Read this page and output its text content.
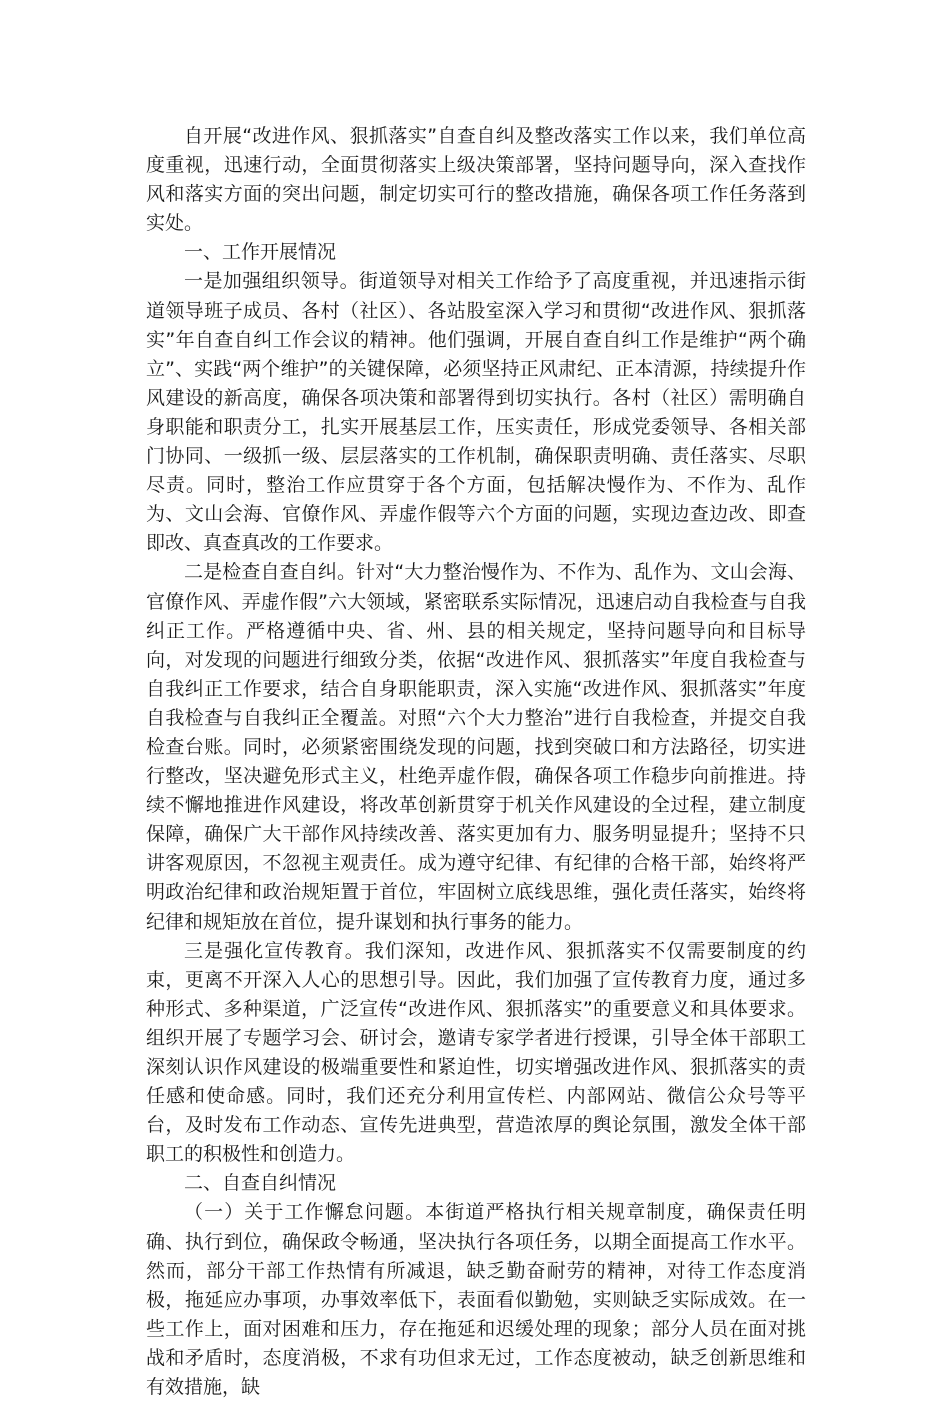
自开展“改进作风、狠抓落实”自查自纠及整改落实工作以来，我们单位高度重视，迅速行动，全面贯彻落实上级决策部署，坚持问题导向，深入查找作风和落实方面的突出问题，制定切实可行的整改措施，确保各项工作任务落到实处。

一、工作开展情况

一是加强组织领导。街道领导对相关工作给予了高度重视，并迅速指示街道领导班子成员、各村（社区）、各站股室深入学习和贯彻“改进作风、狠抓落实”年自查自纠工作会议的精神。他们强调，开展自查自纠工作是维护“两个确立”、实践“两个维护”的关键保障，必须坚持正风肃纪、正本清源，持续提升作风建设的新高度，确保各项决策和部署得到切实执行。各村（社区）需明确自身职能和职责分工，扎实开展基层工作，压实责任，形成党委领导、各相关部门协同、一级抓一级、层层落实的工作机制，确保职责明确、责任落实、尽职尽责。同时，整治工作应贯穿于各个方面，包括解决慢作为、不作为、乱作为、文山会海、官僚作风、弄虚作假等六个方面的问题，实现边查边改、即查即改、真查真改的工作要求。

二是检查自查自纠。针对“大力整治慢作为、不作为、乱作为、文山会海、官僚作风、弄虚作假”六大领域，紧密联系实际情况，迅速启动自我检查与自我纠正工作。严格遵循中央、省、州、县的相关规定，坚持问题导向和目标导向，对发现的问题进行细致分类，依据“改进作风、狠抓落实”年度自我检查与自我纠正工作要求，结合自身职能职责，深入实施“改进作风、狠抓落实”年度自我检查与自我纠正全覆盖。对照“六个大力整治”进行自我检查，并提交自我检查台账。同时，必须紧密围绕发现的问题，找到突破口和方法路径，切实进行整改，坚决避免形式主义，杜绝弄虚作假，确保各项工作稳步向前推进。持续不懈地推进作风建设，将改革创新贯穿于机关作风建设的全过程，建立制度保障，确保广大干部作风持续改善、落实更加有力、服务明显提升；坚持不只讲客观原因，不忽视主观责任。成为遵守纪律、有纪律的合格干部，始终将严明政治纪律和政治规矩置于首位，牢固树立底线思维，强化责任落实，始终将纪律和规矩放在首位，提升谋划和执行事务的能力。

三是强化宣传教育。我们深知，改进作风、狠抓落实不仅需要制度的约束，更离不开深入人心的思想引导。因此，我们加强了宣传教育力度，通过多种形式、多种渠道，广泛宣传“改进作风、狠抓落实”的重要意义和具体要求。组织开展了专题学习会、研讨会，邀请专家学者进行授课，引导全体干部职工深刻认识作风建设的极端重要性和紧迫性，切实增强改进作风、狠抓落实的责任感和使命感。同时，我们还充分利用宣传栏、内部网站、微信公众号等平台，及时发布工作动态、宣传先进典型，营造浓厚的舆论氛围，激发全体干部职工的积极性和创造力。

二、自查自纠情况

（一）关于工作懈怠问题。本街道严格执行相关规章制度，确保责任明确、执行到位，确保政令畅通，坚决执行各项任务，以期全面提高工作水平。然而，部分干部工作热情有所减退，缺乏勤奋耐劳的精神，对待工作态度消极，拖延应办事项，办事效率低下，表面看似勤勉，实则缺乏实际成效。在一些工作上，面对困难和压力，存在拖延和迟缓处理的现象；部分人员在面对挑战和矛盾时，态度消极，不求有功但求无过，工作态度被动，缺乏创新思维和有效措施，缺
